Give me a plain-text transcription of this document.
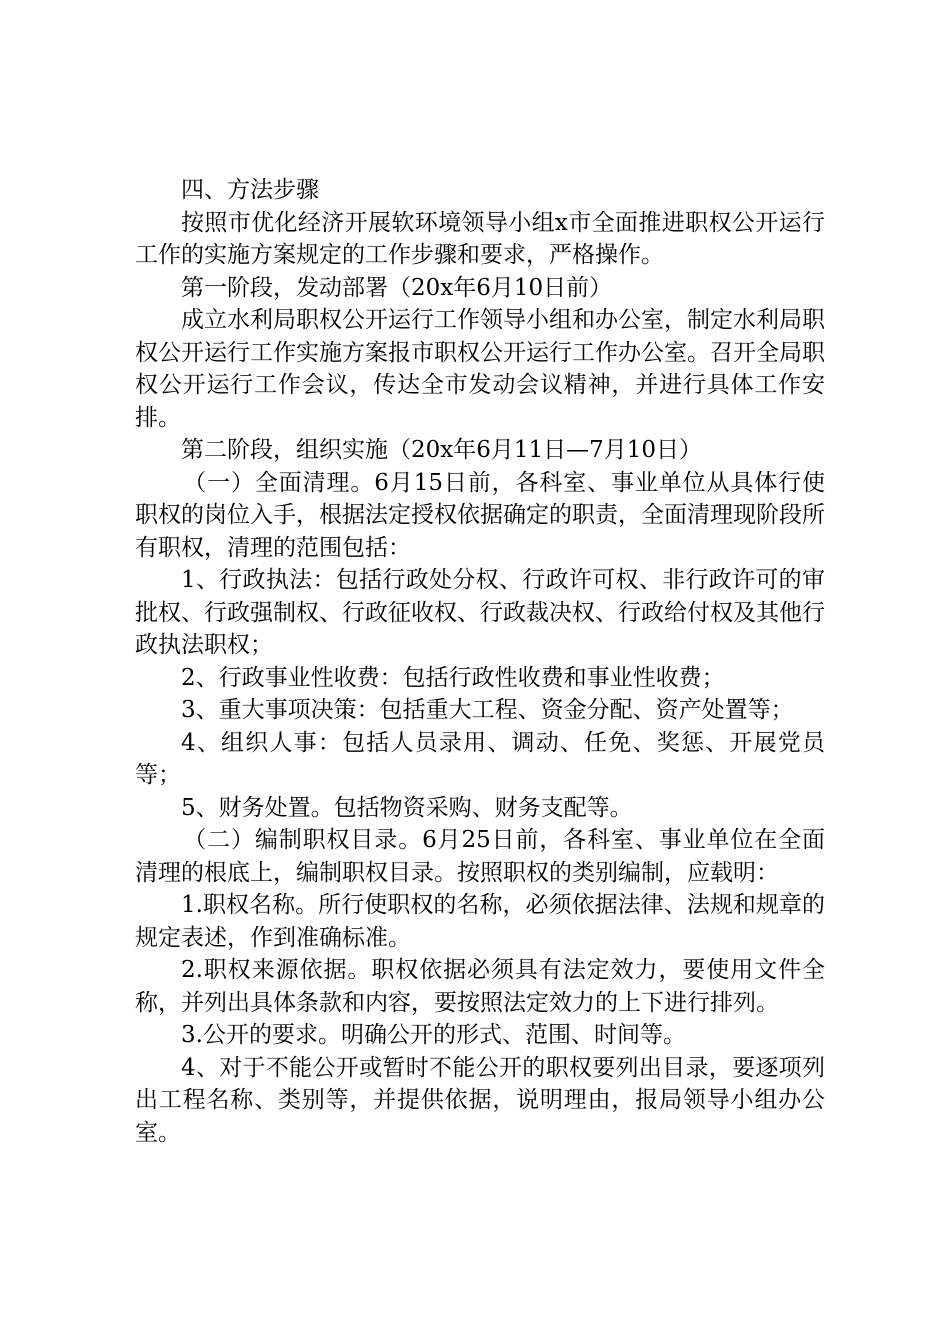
四、方法步骤

按照市优化经济开展软环境领导小组x市全面推进职权公开运行工作的实施方案规定的工作步骤和要求，严格操作。

第一阶段，发动部署（20x年6月10日前）

成立水利局职权公开运行工作领导小组和办公室，制定水利局职权公开运行工作实施方案报市职权公开运行工作办公室。召开全局职权公开运行工作会议，传达全市发动会议精神，并进行具体工作安排。

第二阶段，组织实施（20x年6月11日—7月10日）

（一）全面清理。6月15日前，各科室、事业单位从具体行使职权的岗位入手，根据法定授权依据确定的职责，全面清理现阶段所有职权，清理的范围包括：

1、行政执法：包括行政处分权、行政许可权、非行政许可的审批权、行政强制权、行政征收权、行政裁决权、行政给付权及其他行政执法职权；

2、行政事业性收费：包括行政性收费和事业性收费；

3、重大事项决策：包括重大工程、资金分配、资产处置等；

4、组织人事：包括人员录用、调动、任免、奖惩、开展党员等；

5、财务处置。包括物资采购、财务支配等。

（二）编制职权目录。6月25日前，各科室、事业单位在全面清理的根底上，编制职权目录。按照职权的类别编制，应载明：

1.职权名称。所行使职权的名称，必须依据法律、法规和规章的规定表述，作到准确标准。

2.职权来源依据。职权依据必须具有法定效力，要使用文件全称，并列出具体条款和内容，要按照法定效力的上下进行排列。

3.公开的要求。明确公开的形式、范围、时间等。

4、对于不能公开或暂时不能公开的职权要列出目录，要逐项列出工程名称、类别等，并提供依据，说明理由，报局领导小组办公室。
